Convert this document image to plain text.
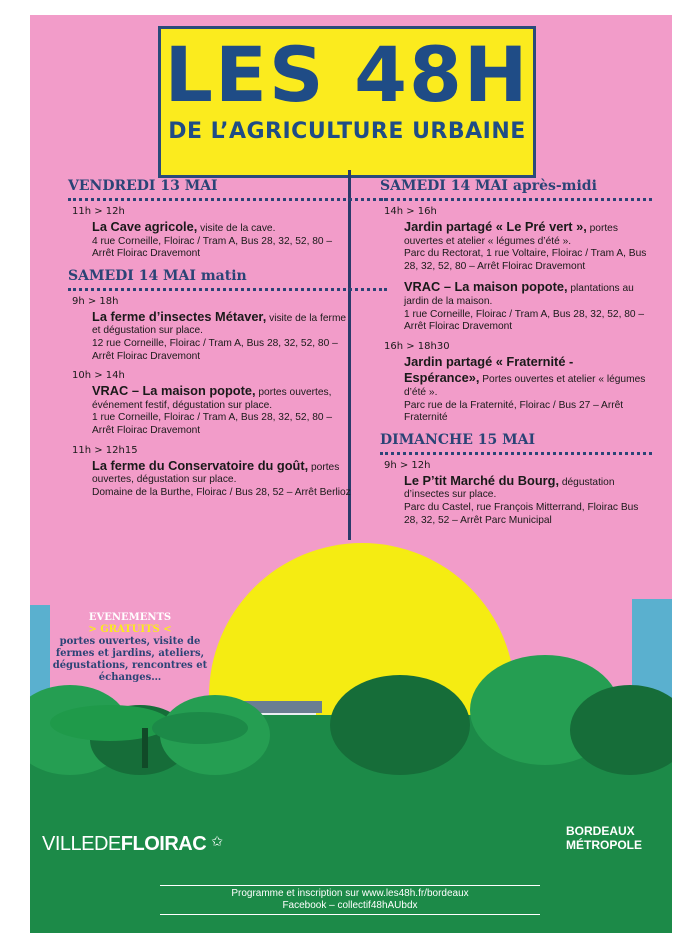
LES 48H
DE L’AGRICULTURE URBAINE
VENDREDI 13 MAI
11h > 12h
La Cave agricole, visite de la cave.
4 rue Corneille, Floirac / Tram A, Bus 28, 32, 52, 80 – Arrêt Floirac Dravemont
SAMEDI 14 MAI matin
9h > 18h
La ferme d’insectes Métaver, visite de la ferme et dégustation sur place.
12 rue Corneille, Floirac / Tram A, Bus 28, 32, 52, 80 – Arrêt Floirac Dravemont
10h > 14h
VRAC – La maison popote, portes ouvertes, événement festif, dégustation sur place.
1 rue Corneille, Floirac / Tram A, Bus 28, 32, 52, 80 – Arrêt Floirac Dravemont
11h > 12h15
La ferme du Conservatoire du goût, portes ouvertes, dégustation sur place.
Domaine de la Burthe, Floirac / Bus 28, 52 – Arrêt Berlioz
SAMEDI 14 MAI après-midi
14h > 16h
Jardin partagé « Le Pré vert », portes ouvertes et atelier « légumes d’été ».
Parc du Rectorat, 1 rue Voltaire, Floirac / Tram A, Bus 28, 32, 52, 80 – Arrêt Floirac Dravemont
VRAC – La maison popote, plantations au jardin de la maison.
1 rue Corneille, Floirac / Tram A, Bus 28, 32, 52, 80 – Arrêt Floirac Dravemont
16h > 18h30
Jardin partagé « Fraternité - Espérance», Portes ouvertes et atelier « légumes d’été ».
Parc rue de la Fraternité, Floirac / Bus 27 – Arrêt Fraternité
DIMANCHE 15 MAI
9h > 12h
Le P’tit Marché du Bourg, dégustation d’insectes sur place.
Parc du Castel, rue François Mitterrand, Floirac Bus 28, 32, 52 – Arrêt Parc Municipal
EVENEMENTS
> GRATUITS <
portes ouvertes, visite de fermes et jardins, ateliers, dégustations, rencontres et échanges…
VILLEDEFLOIRAC ✩
BORDEAUX
MÉTROPOLE
Programme et inscription sur www.les48h.fr/bordeaux
Facebook – collectif48hAUbdx
